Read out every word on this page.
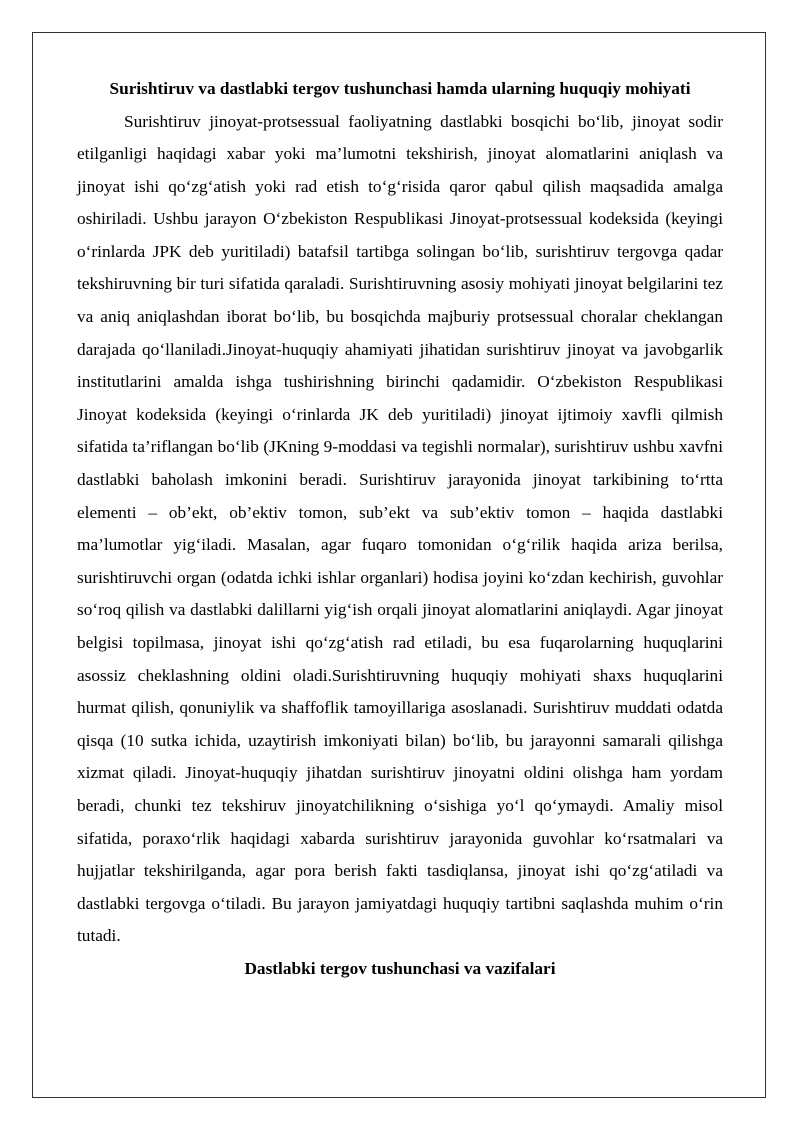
Surishtiruv va dastlabki tergov tushunchasi hamda ularning huquqiy mohiyati

Surishtiruv jinoyat-protsessual faoliyatning dastlabki bosqichi bo‘lib, jinoyat sodir etilganligi haqidagi xabar yoki ma’lumotni tekshirish, jinoyat alomatlarini aniqlash va jinoyat ishi qo‘zg‘atish yoki rad etish to‘g‘risida qaror qabul qilish maqsadida amalga oshiriladi. Ushbu jarayon O‘zbekiston Respublikasi Jinoyat-protsessual kodeksida (keyingi o‘rinlarda JPK deb yuritiladi) batafsil tartibga solingan bo‘lib, surishtiruv tergovga qadar tekshiruvning bir turi sifatida qaraladi. Surishtiruvning asosiy mohiyati jinoyat belgilarini tez va aniq aniqlashdan iborat bo‘lib, bu bosqichda majburiy protsessual choralar cheklangan darajada qo‘llaniladi.Jinoyat-huquqiy ahamiyati jihatidan surishtiruv jinoyat va javobgarlik institutlarini amalda ishga tushirishning birinchi qadamidir. O‘zbekiston Respublikasi Jinoyat kodeksida (keyingi o‘rinlarda JK deb yuritiladi) jinoyat ijtimoiy xavfli qilmish sifatida ta’riflangan bo‘lib (JKning 9-moddasi va tegishli normalar), surishtiruv ushbu xavfni dastlabki baholash imkonini beradi. Surishtiruv jarayonida jinoyat tarkibining to‘rtta elementi – ob’ekt, ob’ektiv tomon, sub’ekt va sub’ektiv tomon – haqida dastlabki ma’lumotlar yig‘iladi. Masalan, agar fuqaro tomonidan o‘g‘rilik haqida ariza berilsa, surishtiruvchi organ (odatda ichki ishlar organlari) hodisa joyini ko‘zdan kechirish, guvohlar so‘roq qilish va dastlabki dalillarni yig‘ish orqali jinoyat alomatlarini aniqlaydi. Agar jinoyat belgisi topilmasa, jinoyat ishi qo‘zg‘atish rad etiladi, bu esa fuqarolarning huquqlarini asossiz cheklashning oldini oladi.Surishtiruvning huquqiy mohiyati shaxs huquqlarini hurmat qilish, qonuniylik va shaffoflik tamoyillariga asoslanadi. Surishtiruv muddati odatda qisqa (10 sutka ichida, uzaytirish imkoniyati bilan) bo‘lib, bu jarayonni samarali qilishga xizmat qiladi. Jinoyat-huquqiy jihatdan surishtiruv jinoyatni oldini olishga ham yordam beradi, chunki tez tekshiruv jinoyatchilikning o‘sishiga yo‘l qo‘ymaydi. Amaliy misol sifatida, poraxo‘rlik haqidagi xabarda surishtiruv jarayonida guvohlar ko‘rsatmalari va hujjatlar tekshirilganda, agar pora berish fakti tasdiqlansa, jinoyat ishi qo‘zg‘atiladi va dastlabki tergovga o‘tiladi. Bu jarayon jamiyatdagi huquqiy tartibni saqlashda muhim o‘rin tutadi.

Dastlabki tergov tushunchasi va vazifalari
